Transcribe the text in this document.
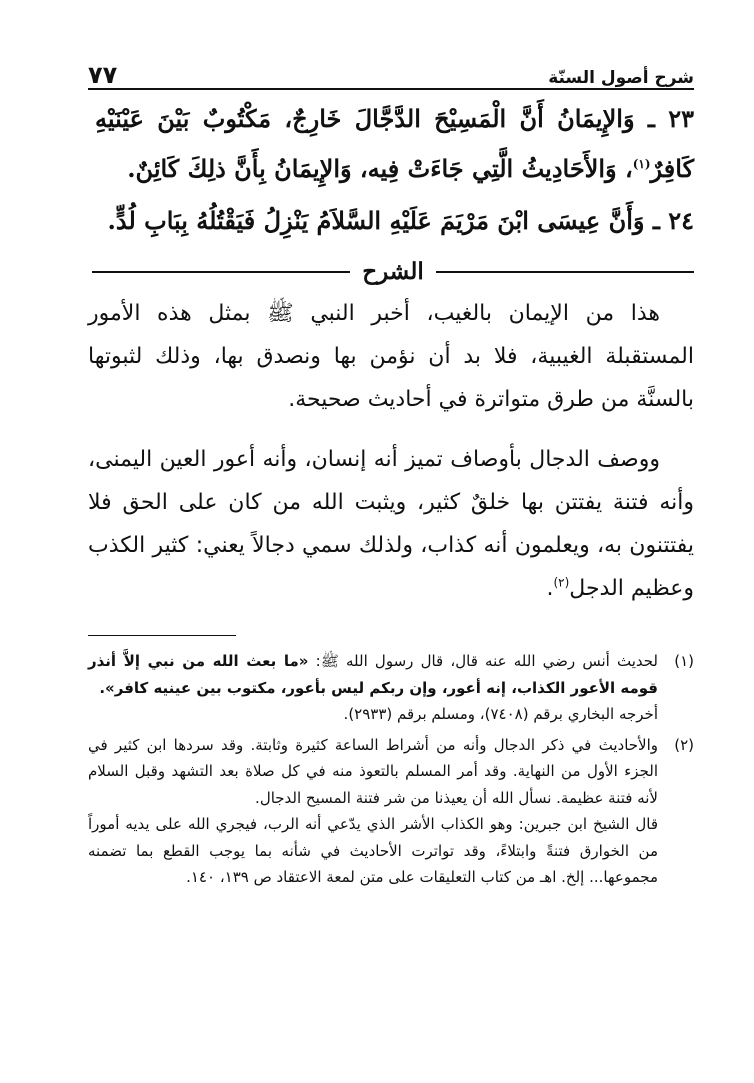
شرح أصول السنّة
٧٧

٢٣ ـ وَالإِيمَانُ أَنَّ الْمَسِيْحَ الدَّجَّالَ خَارِجٌ، مَكْتُوبٌ بَيْنَ عَيْنَيْهِ كَافِرٌ$^{(١)}$، وَالأَحَادِيثُ الَّتِي جَاءَتْ فِيه، وَالإِيمَانُ بِأَنَّ ذلِكَ كَائِنٌ.

٢٤ ـ وَأَنَّ عِيسَى ابْنَ مَرْيَمَ عَلَيْهِ السَّلاَمُ يَنْزِلُ فَيَقْتُلُهُ بِبَابِ لُدٍّ.

الشرح

هذا من الإيمان بالغيب، أخبر النبي ﷺ بمثل هذه الأمور المستقبلة الغيبية، فلا بد أن نؤمن بها ونصدق بها، وذلك لثبوتها بالسنَّة من طرق متواترة في أحاديث صحيحة.

ووصف الدجال بأوصاف تميز أنه إنسان، وأنه أعور العين اليمنى، وأنه فتنة يفتتن بها خلقٌ كثير، ويثبت الله من كان على الحق فلا يفتتنون به، ويعلمون أنه كذاب، ولذلك سمي دجالاً يعني: كثير الكذب وعظيم الدجل$^{(٢)}$.

(١)

لحديث أنس رضي الله عنه قال، قال رسول الله ﷺ: «ما بعث الله من نبي إلاَّ أنذر قومه الأعور الكذاب، إنه أعور، وإن ربكم ليس بأعور، مكتوب بين عينيه كافر».

أخرجه البخاري برقم (٧٤٠٨)، ومسلم برقم (٢٩٣٣).

(٢)

والأحاديث في ذكر الدجال وأنه من أشراط الساعة كثيرة وثابتة. وقد سردها ابن كثير في الجزء الأول من النهاية. وقد أمر المسلم بالتعوذ منه في كل صلاة بعد التشهد وقبل السلام لأنه فتنة عظيمة. نسأل الله أن يعيذنا من شر فتنة المسيح الدجال.

قال الشيخ ابن جبرين: وهو الكذاب الأشر الذي يدّعي أنه الرب، فيجري الله على يديه أموراً من الخوارق فتنةً وابتلاءً، وقد تواترت الأحاديث في شأنه بما يوجب القطع بما تضمنه مجموعها... إلخ. اهـ من كتاب التعليقات على متن لمعة الاعتقاد ص ١٣٩، ١٤٠.
